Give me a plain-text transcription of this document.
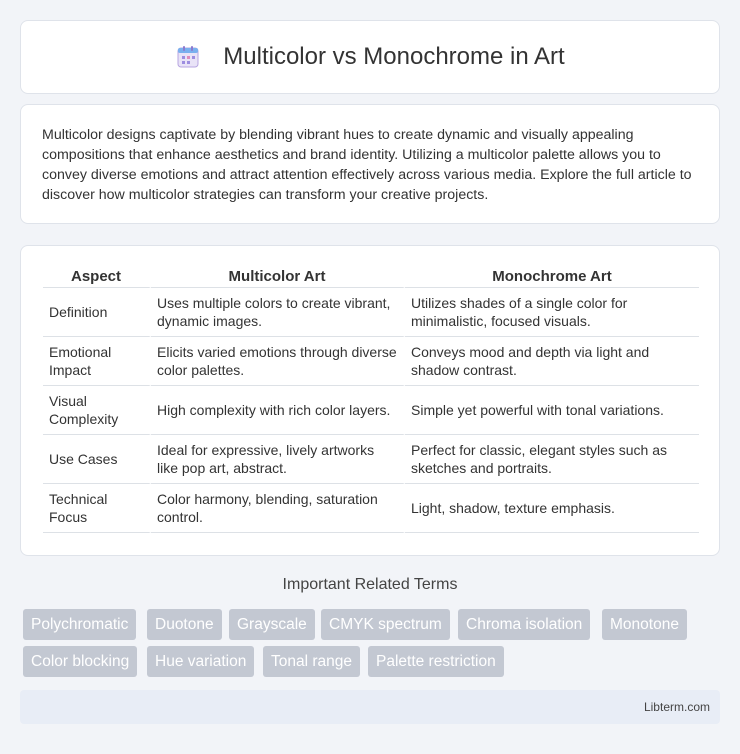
Multicolor vs Monochrome in Art

Multicolor designs captivate by blending vibrant hues to create dynamic and visually appealing compositions that enhance aesthetics and brand identity. Utilizing a multicolor palette allows you to convey diverse emotions and attract attention effectively across various media. Explore the full article to discover how multicolor strategies can transform your creative projects.

Aspect	Multicolor Art	Monochrome Art
Definition	Uses multiple colors to create vibrant, dynamic images.	Utilizes shades of a single color for minimalistic, focused visuals.
Emotional Impact	Elicits varied emotions through diverse color palettes.	Conveys mood and depth via light and shadow contrast.
Visual Complexity	High complexity with rich color layers.	Simple yet powerful with tonal variations.
Use Cases	Ideal for expressive, lively artworks like pop art, abstract.	Perfect for classic, elegant styles such as sketches and portraits.
Technical Focus	Color harmony, blending, saturation control.	Light, shadow, texture emphasis.
Important Related Terms
Polychromatic	Duotone	Grayscale	CMYK spectrum	Chroma isolation	Monotone
Color blocking	Hue variation	Tonal range	Palette restriction
Libterm.com
